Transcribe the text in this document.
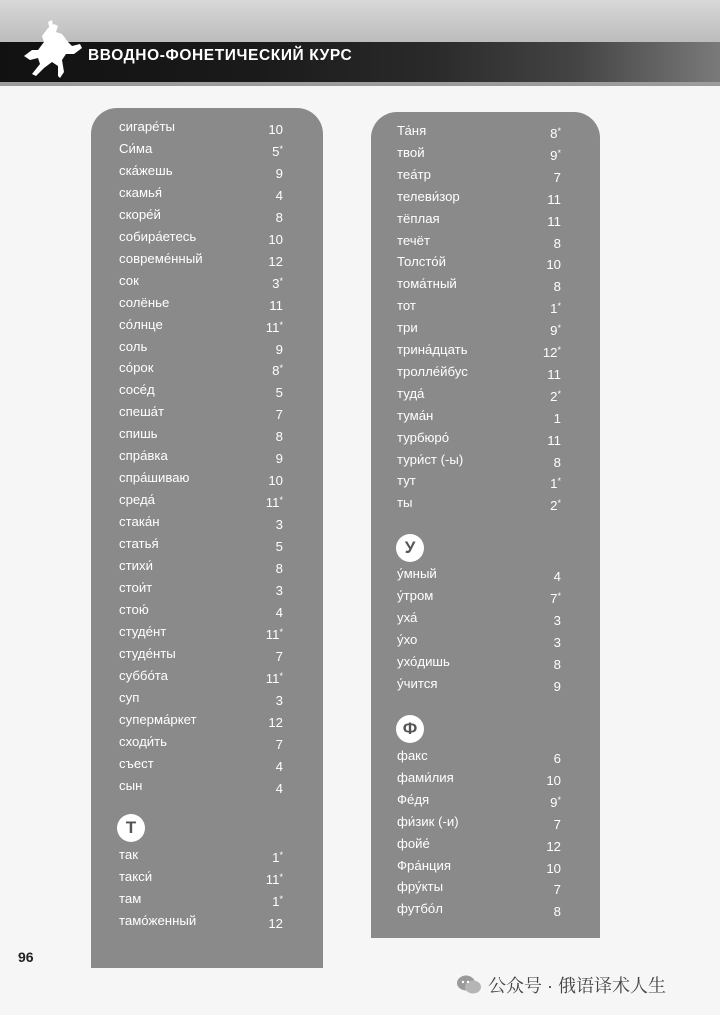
ВВОДНО-ФОНЕТИЧЕСКИЙ КУРС
сигаре́ты	10
Си́ма	5*
ска́жешь	9
скамья́	4
скоре́й	8
собира́етесь	10
совреме́нный	12
сок	3*
солёнье	11
со́лнце	11*
соль	9
со́рок	8*
сосе́д	5
спеша́т	7
спишь	8
спра́вка	9
спра́шиваю	10
среда́	11*
стака́н	3
статья́	5
стихи́	8
стои́т	3
стою́	4
студе́нт	11*
студе́нты	7
суббо́та	11*
суп	3
суперма́ркет	12
сходи́ть	7
съест	4
сын	4
так	1*
такси́	11*
там	1*
тамо́женный	12
Та́ня	8*
твой	9*
теа́тр	7
телеви́зор	11
тёплая	11
течёт	8
Толсто́й	10
тома́тный	8
тот	1*
три	9*
трина́дцать	12*
тролле́йбус	11
туда́	2*
тума́н	1
турбюро́	11
тури́ст (-ы)	8
тут	1*
ты	2*
у́мный	4
у́тром	7*
уха́	3
у́хо	3
ухо́дишь	8
у́чится	9
факс	6
фами́лия	10
Фе́дя	9*
фи́зик (-и)	7
фойе́	12
Фра́нция	10
фру́кты	7
футбо́л	8
Т
У
Ф
96
公众号 · 俄语译术人生
